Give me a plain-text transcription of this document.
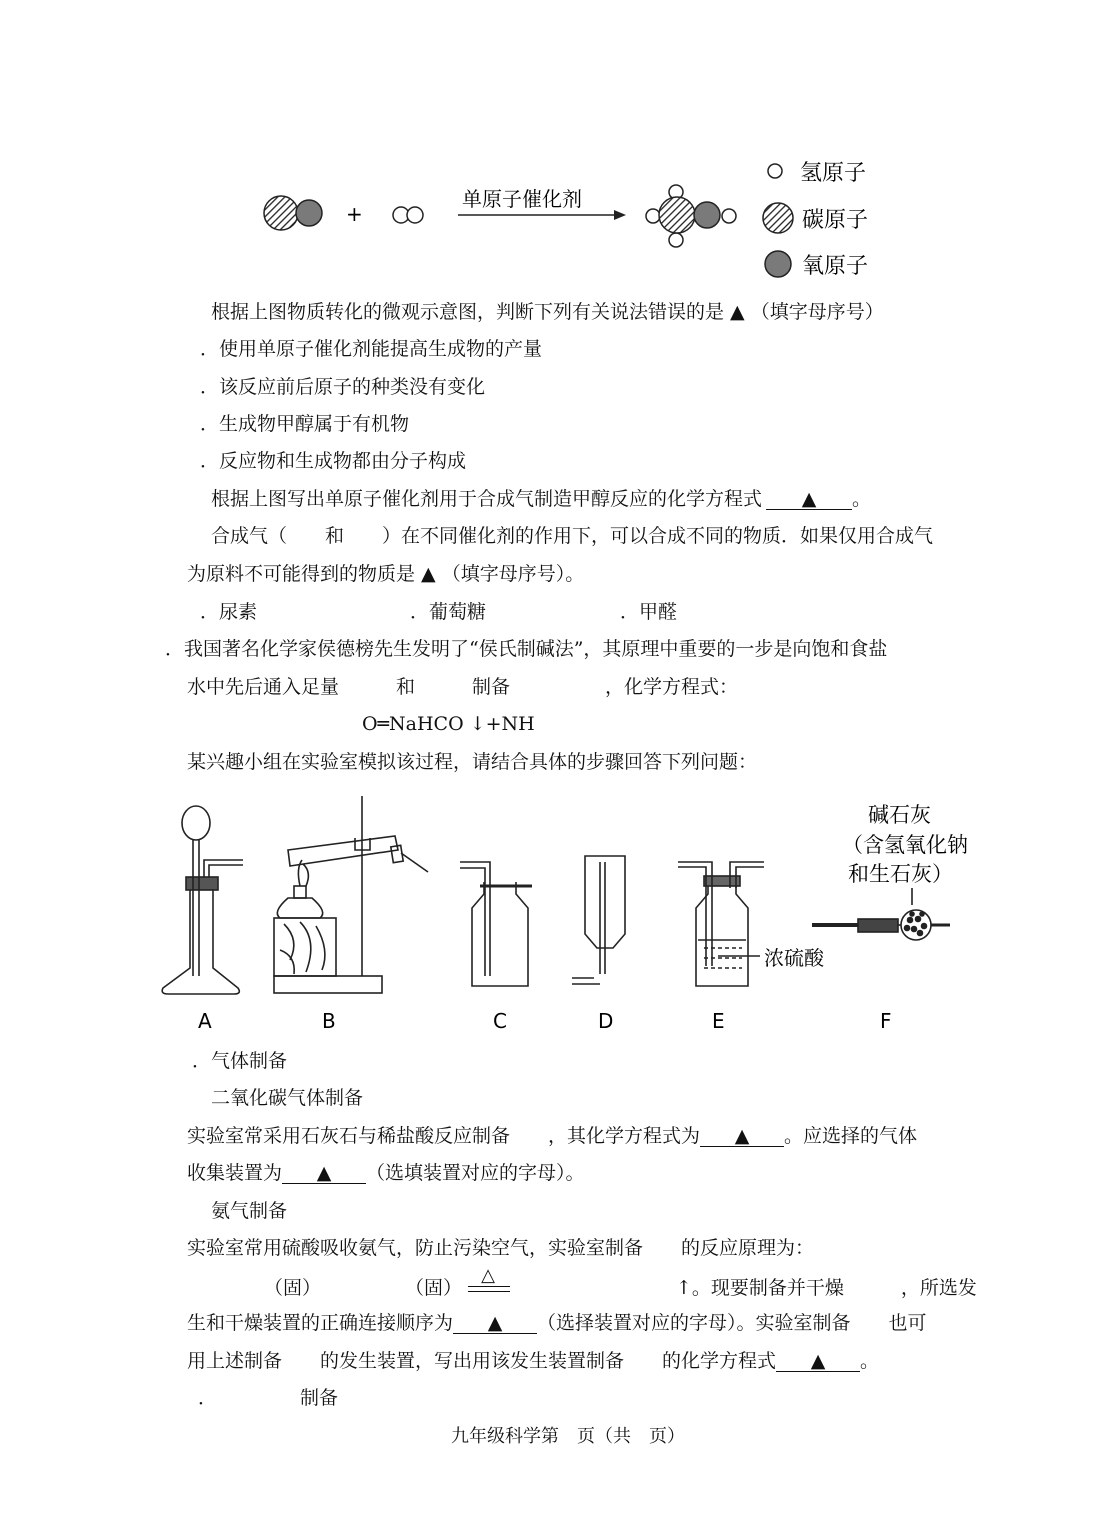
+
单原子催化剂
氢原子
碳原子
氧原子
根据上图物质转化的微观示意图，判断下列有关说法错误的是 ▲ （填字母序号）
．使用单原子催化剂能提高生成物的产量
．该反应前后原子的种类没有变化
．生成物甲醇属于有机物
．反应物和生成物都由分子构成
根据上图写出单原子催化剂用于合成气制造甲醇反应的化学方程式 ▲ 。
合成气（　　和　　）在不同催化剂的作用下，可以合成不同的物质．如果仅用合成气
为原料不可能得到的物质是 ▲ （填字母序号）。
．尿素	．葡萄糖	．甲醛
．我国著名化学家侯德榜先生发明了“侯氏制碱法”，其原理中重要的一步是向饱和食盐
水中先后通入足量　　　和　　　制备　　　　　，化学方程式：
O═NaHCO ↓+NH
某兴趣小组在实验室模拟该过程，请结合具体的步骤回答下列问题：
A	B	C	D
浓硫酸
E
碱石灰
（含氢氧化钠
和生石灰）
F
．气体制备
二氧化碳气体制备
实验室常采用石灰石与稀盐酸反应制备　　，其化学方程式为 ▲ 。应选择的气体
收集装置为 ▲ （选填装置对应的字母）。
氨气制备
实验室常用硫酸吸收氨气，防止污染空气，实验室制备　　的反应原理为：
（固）	（固）
△
↑。现要制备并干燥　　　，所选发
生和干燥装置的正确连接顺序为 ▲ （选择装置对应的字母）。实验室制备　　也可
用上述制备　　的发生装置，写出用该发生装置制备　　的化学方程式 ▲ 。
．	制备
九年级科学第　页（共　页）
